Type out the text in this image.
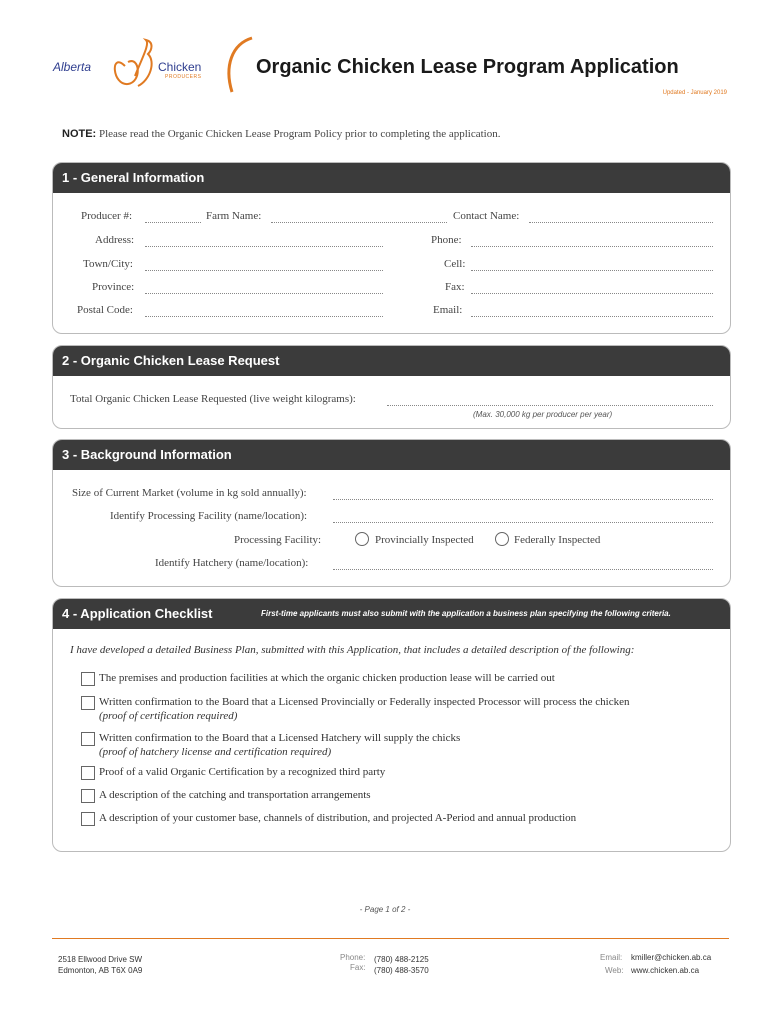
Alberta	Chicken
PRODUCERS	Organic Chicken Lease Program Application
Updated - January 2019
NOTE: Please read the Organic Chicken Lease Program Policy prior to completing the application.
1 - General Information
Producer #:	Farm Name:	Contact Name:
Address:	Phone:
Town/City:	Cell:
Province:	Fax:
Postal Code:	Email:
2 - Organic Chicken Lease Request
Total Organic Chicken Lease Requested (live weight kilograms):
(Max. 30,000 kg per producer per year)
3 - Background Information
Size of Current Market (volume in kg sold annually):
Identify Processing Facility (name/location):
Processing Facility:	Provincially Inspected	Federally Inspected
Identify Hatchery (name/location):
4 - Application Checklist	First-time applicants must also submit with the application a business plan specifying the following criteria.
I have developed a detailed Business Plan, submitted with this Application, that includes a detailed description of the following:
The premises and production facilities at which the organic chicken production lease will be carried out
Written confirmation to the Board that a Licensed Provincially or Federally inspected Processor will process the chicken
(proof of certification required)
Written confirmation to the Board that a Licensed Hatchery will supply the chicks
(proof of hatchery license and certification required)
Proof of a valid Organic Certification by a recognized third party
A description of the catching and transportation arrangements
A description of your customer base, channels of distribution, and projected A-Period and annual production
- Page 1 of 2 -
2518 Ellwood Drive SW
Edmonton, AB T6X 0A9
Phone: (780) 488-2125
Fax: (780) 488-3570
Email: kmiller@chicken.ab.ca
Web: www.chicken.ab.ca
